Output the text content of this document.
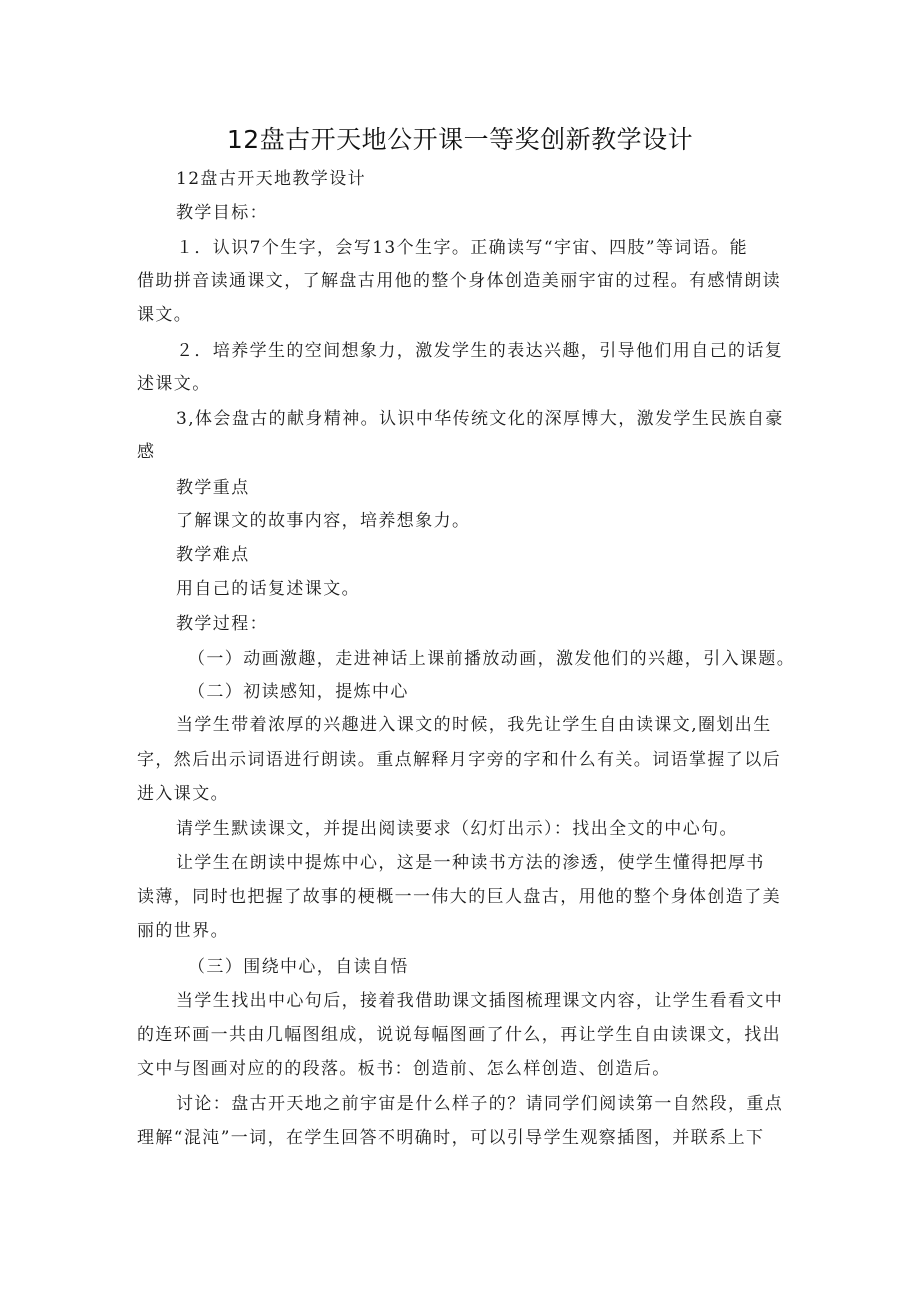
12盘古开天地公开课一等奖创新教学设计
12盘古开天地教学设计
教学目标：
１．认识7个生字，会写13个生字。正确读写“宇宙、四肢”等词语。能
借助拼音读通课文，了解盘古用他的整个身体创造美丽宇宙的过程。有感情朗读
课文。
２．培养学生的空间想象力，激发学生的表达兴趣，引导他们用自己的话复
述课文。
3,体会盘古的献身精神。认识中华传统文化的深厚博大，激发学生民族自豪
感
教学重点
了解课文的故事内容，培养想象力。
教学难点
用自己的话复述课文。
教学过程：
（一）动画激趣，走进神话上课前播放动画，激发他们的兴趣，引入课题。
（二）初读感知，提炼中心
当学生带着浓厚的兴趣进入课文的时候，我先让学生自由读课文,圈划出生
字，然后出示词语进行朗读。重点解释月字旁的字和什么有关。词语掌握了以后
进入课文。
请学生默读课文，并提出阅读要求（幻灯出示）：找出全文的中心句。
让学生在朗读中提炼中心，这是一种读书方法的渗透，使学生懂得把厚书
读薄，同时也把握了故事的梗概一一伟大的巨人盘古，用他的整个身体创造了美
丽的世界。
（三）围绕中心，自读自悟
当学生找出中心句后，接着我借助课文插图梳理课文内容，让学生看看文中
的连环画一共由几幅图组成，说说每幅图画了什么，再让学生自由读课文，找出
文中与图画对应的的段落。板书：创造前、怎么样创造、创造后。
讨论：盘古开天地之前宇宙是什么样子的？请同学们阅读第一自然段，重点
理解“混沌”一词，在学生回答不明确时，可以引导学生观察插图，并联系上下
